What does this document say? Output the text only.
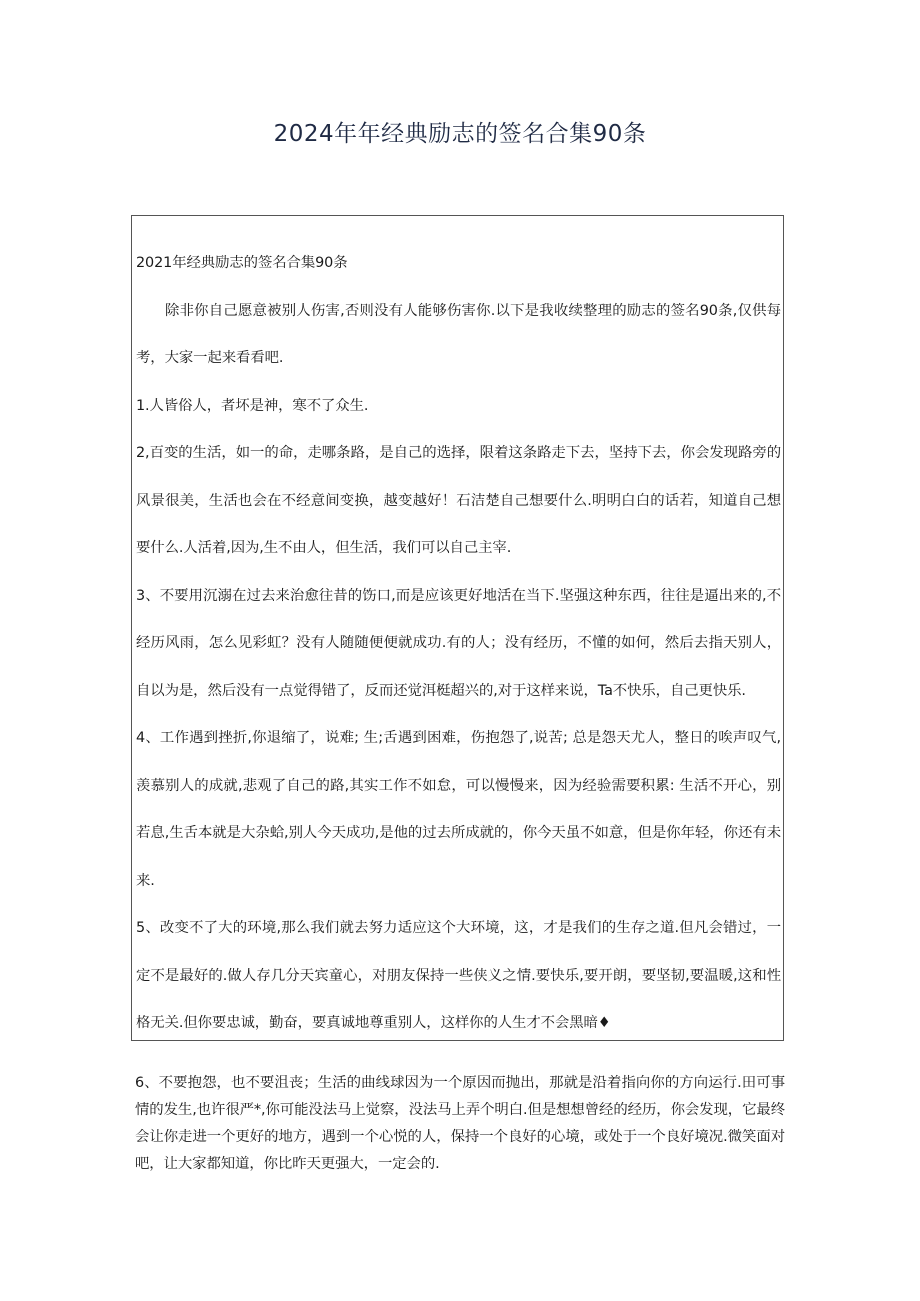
2024年年经典励志的签名合集90条

2021年经典励志的签名合集90条

除非你自己愿意被别人伤害,否则没有人能够伤害你.以下是我收续整理的励志的签名90条,仅供每考，大家一起来看看吧.

1.人皆俗人，者坏是神，寒不了众生.

2,百变的生活，如一的命，走哪条路，是自己的选择，限着这条路走下去，坚持下去，你会发现路旁的风景很美，生活也会在不经意间变换，越变越好！石洁楚自己想要什么.明明白白的话若，知道自己想要什么.人活着,因为,生不由人，但生活，我们可以自己主宰.

3、不要用沉溺在过去来治愈往昔的饬口,而是应该更好地活在当下.坚强这种东西，往往是逼出来的,不经历风雨，怎么见彩虹？没有人随随便便就成功.有的人；没有经历，不懂的如何，然后去指天别人，自以为是，然后没有一点觉得错了，反而还觉洱梃超兴的,对于这样来说，Ta不快乐，自己更快乐.

4、工作遇到挫折,你退缩了，说难; 生;舌遇到困难，伤抱怨了,说苦; 总是怨天尤人，整日的唉声叹气,羡慕别人的成就,悲观了自己的路,其实工作不如怠，可以慢慢来，因为经验需要积累: 生活不开心，别若息,生舌本就是大杂蛤,别人今天成功,是他的过去所成就的，你今天虽不如意，但是你年轻，你还有未来.

5、改变不了大的环境,那么我们就去努力适应这个大环境，这，才是我们的生存之道.但凡会错过，一定不是最好的.做人存几分天宾童心，对朋友保持一些侠义之情.要快乐,要开朗，要坚韧,要温暖,这和性格无关.但你要忠诚，勤奋，要真诚地尊重别人，这样你的人生才不会黑暗♦

6、不要抱怨，也不要沮丧；生活的曲线球因为一个原因而抛出，那就是沿着指向你的方向运行.田可事情的发生,也许很严*,你可能没法马上觉察，没法马上弄个明白.但是想想曾经的经历，你会发现，它最终会让你走进一个更好的地方，遇到一个心悦的人，保持一个良好的心境，或处于一个良好境况.微笑面对吧，让大家都知道，你比昨天更强大，一定会的.
